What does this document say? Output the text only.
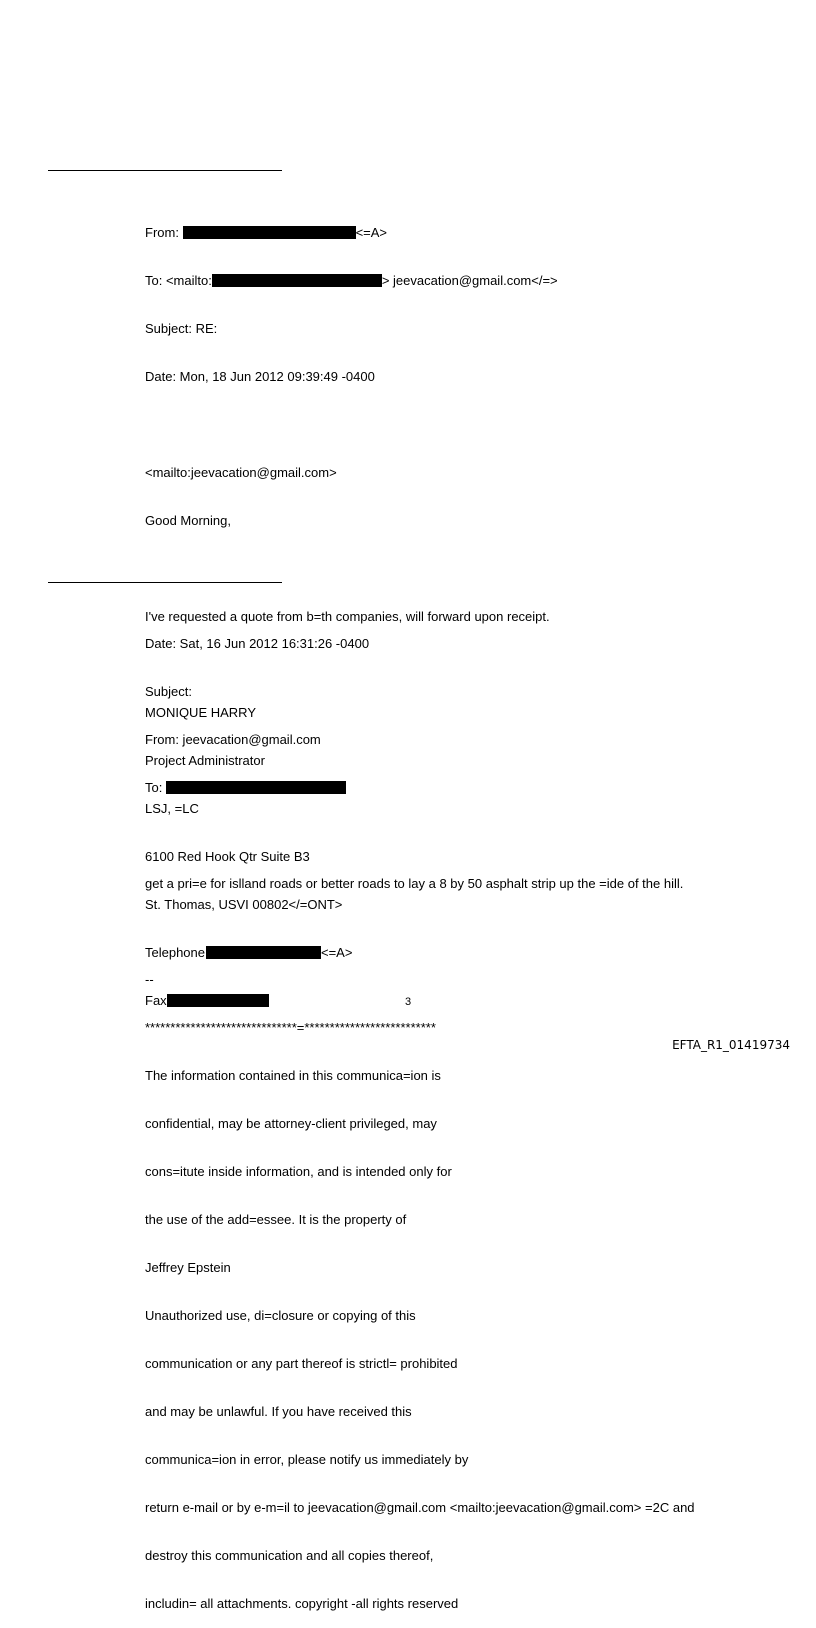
From:	<=A>

To: <mailto:	> jeevacation@gmail.com</=>

Subject: RE:

Date: Mon, 18 Jun 2012 09:39:49 -0400

<mailto:jeevacation@gmail.com>

Good Morning,

I've requested a quote from b=th companies, will forward upon receipt.

MONIQUE HARRY

Project Administrator

LSJ, =LC

6100 Red Hook Qtr Suite B3

St. Thomas, USVI 00802</=ONT>

Telephone	<=A>

Fax

Date: Sat, 16 Jun 2012 16:31:26 -0400

Subject:

From: jeevacation@gmail.com

To:

get a pri=e for islland roads or better roads to lay a 8 by 50 asphalt strip up the =ide of the hill.

--

******************************=**************************

The information contained in this communica=ion is

confidential, may be attorney-client privileged, may

cons=itute inside information, and is intended only for

the use of the add=essee. It is the property of

Jeffrey Epstein

Unauthorized use, di=closure or copying of this

communication or any part thereof is strictl= prohibited

and may be unlawful. If you have received this

communica=ion in error, please notify us immediately by

return e-mail or by e-m=il to jeevacation@gmail.com <mailto:jeevacation@gmail.com> =2C and

destroy this communication and all copies thereof,

includin= all attachments. copyright -all rights reserved

3
EFTA_R1_01419734
